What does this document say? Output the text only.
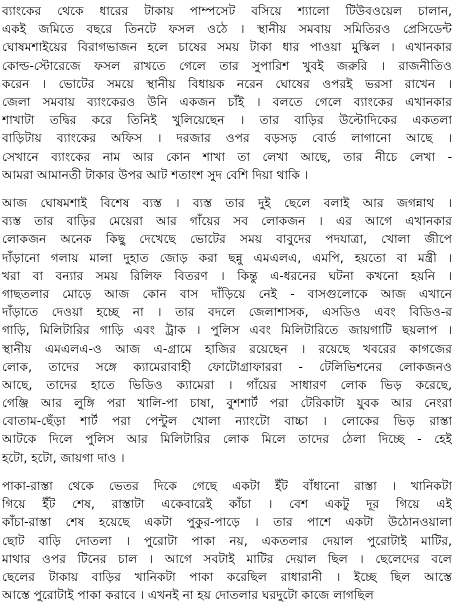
ব্যাংকের থেকে ধারের টাকায় পাম্পসেট বসিয়ে শ্যালো টিউবওয়েল চালান,
একই জমিতে বছরে তিনটে ফসল ওঠে । স্থানীয় সমবায় সমিতিরও প্রেসিডেন্ট
ঘোষমশাইয়ের বিরাগভাজন হলে চাষের সময় টাকা ধার পাওয়া মুস্কিল । এখানকার
কোল্ড-স্টোরেজে ফসল রাখতে গেলে তার সুপারিশ খুবই জরুরি । রাজনীতিও
করেন । ভোটের সময়ে স্থানীয় বিধায়ক নরেন ঘোষের ওপরই ভরসা রাখেন ।
জেলা সমবায় ব্যাংকেরও উনি একজন চাঁই । বলতে গেলে ব্যাংকের এখানকার
শাখাটা তদ্বির করে তিনিই খুলিয়েছেন । তার বাড়ির উল্টোদিকের একতলা
বাড়িটায় ব্যাংকের অফিস । দরজার ওপর বড়সড় বোর্ড লাগানো আছে ।
সেখানে ব্যাংকের নাম আর কোন শাখা তা লেখা আছে, তার নীচে লেখা -
আমরা আমানতী টাকার উপর আট শতাংশ সুদ বেশি দিয়া থাকি ।
আজ ঘোষমশাই বিশেষ ব্যস্ত । ব্যস্ত তার দুই ছেলে বলাই আর জগন্নাথ ।
ব্যস্ত তার বাড়ির মেয়েরা আর গাঁয়ের সব লোকজন । এর আগে এখানকার
লোকজন অনেক কিছু দেখেছে ভোটের সময় বাবুদের পদযাত্রা, খোলা জীপে
দাঁড়ানো গলায় মালা দুহাত জোড় করা ছন্নু এমএলএ, এমপি, হয়তো বা মন্ত্রী ।
খরা বা বন্যার সময় রিলিফ বিতরণ । কিন্তু এ-ধরনের ঘটনা কখনো হয়নি ।
গাছতলার মোড়ে আজ কোন বাস দাঁড়িয়ে নেই - বাসগুলোকে আজ এখানে
দাঁড়াতে দেওয়া হচ্ছে না । তার বদলে জেলাশাসক, এসডিও এবং বিডিও-র
গাড়ি, মিলিটারির গাড়ি এবং ট্রাক । পুলিস এবং মিলিটারিতে জায়গাটি ছয়লাপ ।
স্থানীয় এমএলএ-ও আজ এ-গ্রামে হাজির রয়েছেন । রয়েছে খবরের কাগজের
লোক, তাদের সঙ্গে ক্যামেরাবাহী ফোটোগ্রাফাররা - টেলিভিশনের লোকজনও
আছে, তাদের হাতে ভিডিও ক্যামেরা । গাঁয়ের সাধারণ লোক ভিড় করেছে,
গেঞ্জি আর লুঙ্গি পরা খালি-পা চাষা, বুশশার্ট পরা টেরিকাটা যুবক আর নেংরা
বোতাম-ছেঁড়া শার্ট পরা পেন্টুল খোলা ন্যাংটো বাচ্চা । লোকের ভিড় রাস্তা
আটকে দিলে পুলিস আর মিলিটারির লোক মিলে তাদের ঠেলা দিচ্ছে - হেই
হটো, হটো, জায়গা দাও ।
পাকা-রাস্তা থেকে ভেতর দিকে গেছে একটা ইঁট বাঁধানো রাস্তা । খানিকটা
গিয়ে ইঁট শেষ, রাস্তাটা একেবারেই কাঁচা । বেশ একটু দূর গিয়ে এই
কাঁচা-রাস্তা শেষ হয়েছে একটা পুকুর-পাড়ে । তার পাশে একটা উঠোনওয়ালা
ছোট বাড়ি দোতলা । পুরোটা পাকা নয়, একতলার দেয়াল পুরোটাই মাটির,
মাথার ওপর টিনের চাল । আগে সবটাই মাটির দেয়াল ছিল । ছেলেদের বলে
ছেলের টাকায় বাড়ির খানিকটা পাকা করেছিল রাধারানী । ইচ্ছে ছিল আস্তে
আস্তে পুরোটাই পাকা করাবে । এখনই না হয় দোতলার ঘরদুটো কাজে লাগছিল
